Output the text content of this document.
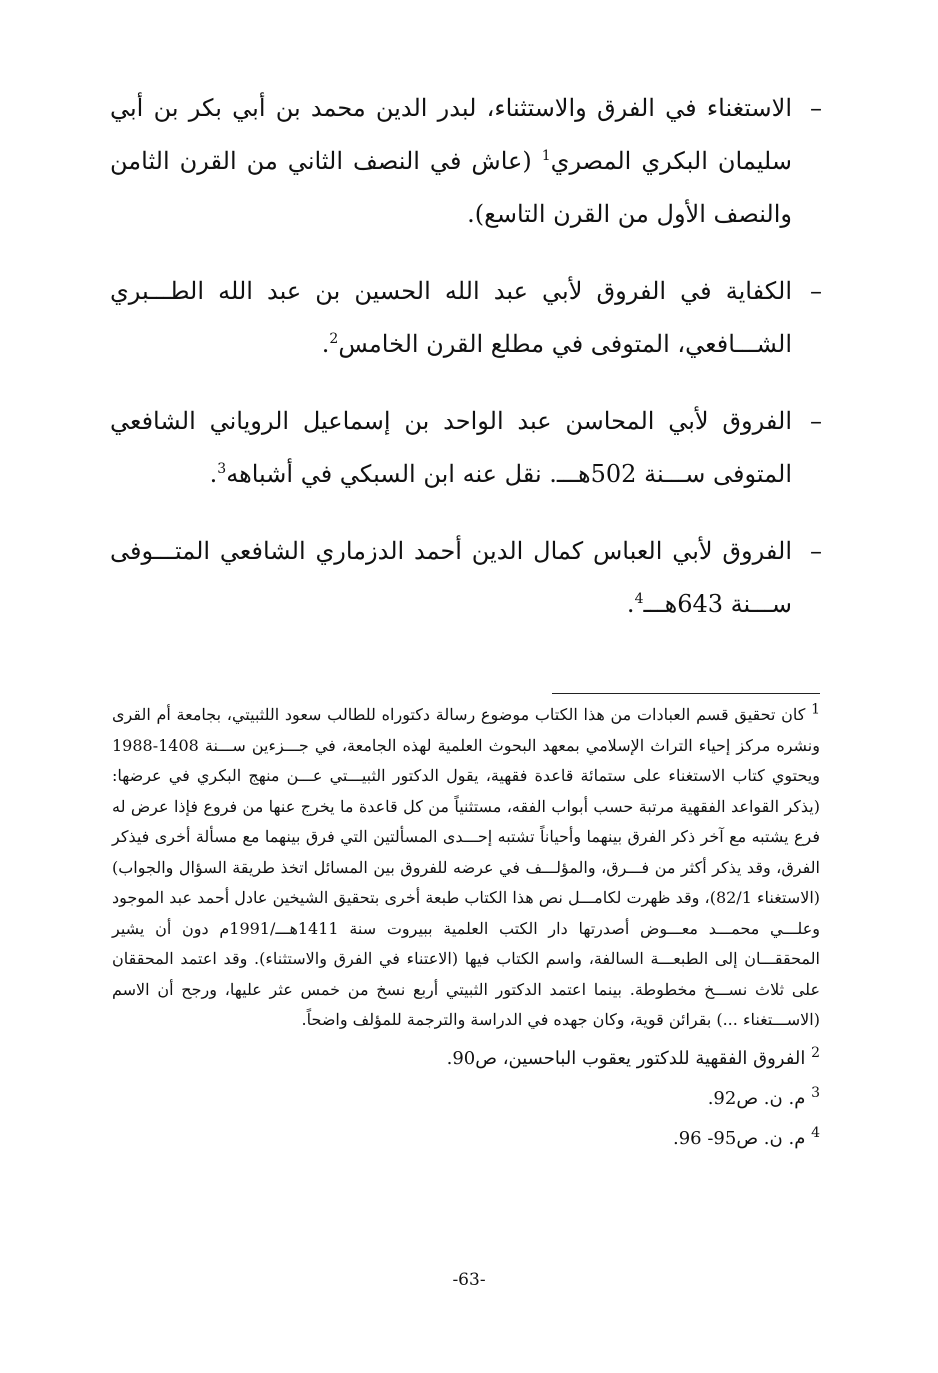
–
الاستغناء في الفرق والاستثناء، لبدر الدين محمد بن أبي بكر بن أبي سليمان البكري المصري$^1$ (عاش في النصف الثاني من القرن الثامن والنصف الأول من القرن التاسع).

–
الكفاية في الفروق لأبي عبد الله الحسين بن عبد الله الطـــبري الشـــافعي، المتوفى في مطلع القرن الخامس$^2$.

–
الفروق لأبي المحاسن عبد الواحد بن إسماعيل الروياني الشافعي المتوفى ســـنة 502هـــ. نقل عنه ابن السبكي في أشباهه$^3$.

–
الفروق لأبي العباس كمال الدين أحمد الدزماري الشافعي المتـــوفى ســـنة 643هـــ$^4$.

$^1$ كان تحقيق قسم العبادات من هذا الكتاب موضوع رسالة دكتوراه للطالب سعود اللثبيتي، بجامعة أم القرى ونشره مركز إحياء التراث الإسلامي بمعهد البحوث العلمية لهذه الجامعة، في جـــزءين ســـنة 1408-1988 ويحتوي كتاب الاستغناء على ستمائة قاعدة فقهية، يقول الدكتور الثبيـــتي عـــن منهج البكري في عرضها: (يذكر القواعد الفقهية مرتبة حسب أبواب الفقه، مستثنياً من كل قاعدة ما يخرج عنها من فروع فإذا عرض له فرع يشتبه مع آخر ذكر الفرق بينهما وأحياناً تشتبه إحـــدى المسألتين التي فرق بينهما مع مسألة أخرى فيذكر الفرق، وقد يذكر أكثر من فـــرق، والمؤلـــف في عرضه للفروق بين المسائل اتخذ طريقة السؤال والجواب) (الاستغناء 82/1)، وقد ظهرت لكامـــل نص هذا الكتاب طبعة أخرى بتحقيق الشيخين عادل أحمد عبد الموجود وعلـــي محمـــد معـــوض أصدرتها دار الكتب العلمية ببيروت سنة 1411هـــ/1991م دون أن يشير المحققـــان إلى الطبعـــة السالفة، واسم الكتاب فيها (الاعتناء في الفرق والاستثناء). وقد اعتمد المحققان على ثلاث نســـخ مخطوطة. بينما اعتمد الدكتور الثبيتي أربع نسخ من خمس عثر عليها، ورجح أن الاسم (الاســـتغناء ...) بقرائن قوية، وكان جهده في الدراسة والترجمة للمؤلف واضحاً.

$^2$ الفروق الفقهية للدكتور يعقوب الباحسين، ص90.

$^3$ م. ن. ص92.

$^4$ م. ن. ص95- 96.

-63-
